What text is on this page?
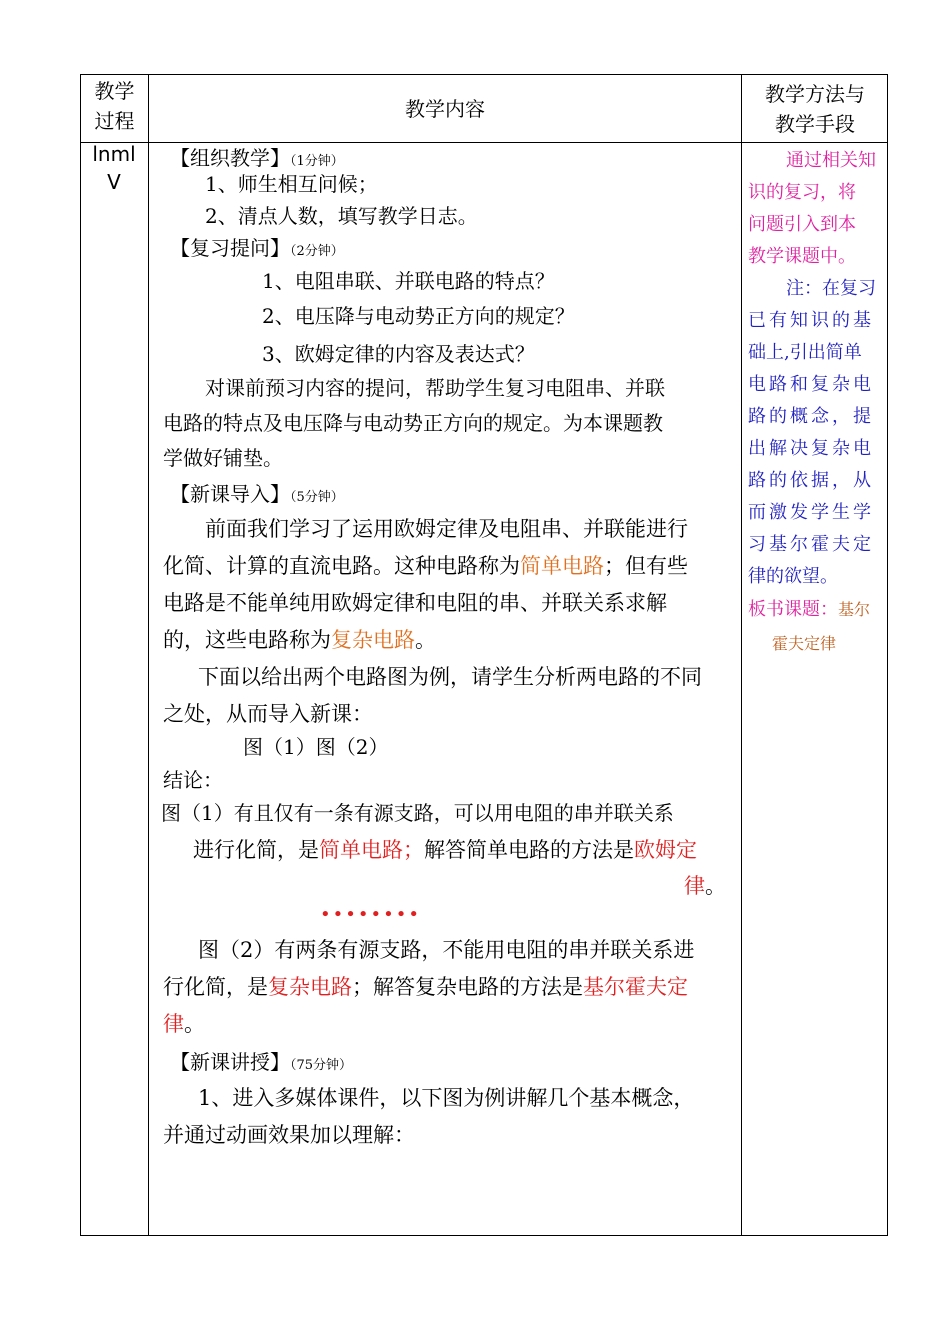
教学
过程	教学内容
教学方法与
教学手段
lnml
V
【组织教学】（1分钟）
1、师生相互问候；
2、清点人数，填写教学日志。
【复习提问】（2分钟）
1、电阻串联、并联电路的特点？
2、电压降与电动势正方向的规定？
3、欧姆定律的内容及表达式？
对课前预习内容的提问，帮助学生复习电阻串、并联
电路的特点及电压降与电动势正方向的规定。为本课题教
学做好铺垫。
【新课导入】（5分钟）
前面我们学习了运用欧姆定律及电阻串、并联能进行
化简、计算的直流电路。这种电路称为简单电路；但有些
电路是不能单纯用欧姆定律和电阻的串、并联关系求解
的，这些电路称为复杂电路。
下面以给出两个电路图为例，请学生分析两电路的不同
之处，从而导入新课：
图（1）图（2）
结论：
图（1）有且仅有一条有源支路，可以用电阻的串并联关系
进行化简，是简单电路；解答简单电路的方法是欧姆定
律。
••••••••
图（2）有两条有源支路，不能用电阻的串并联关系进
行化简，是复杂电路；解答复杂电路的方法是基尔霍夫定
律。
【新课讲授】（75分钟）
1、进入多媒体课件，以下图为例讲解几个基本概念，
并通过动画效果加以理解：
通过相关知
识的复习，将
问题引入到本
教学课题中。
注：在复习
已有知识的基
础上,引出简单
电路和复杂电
路的概念，提
出解决复杂电
路的依据，从
而激发学生学
习基尔霍夫定
律的欲望。
板书课题：基尔
霍夫定律
